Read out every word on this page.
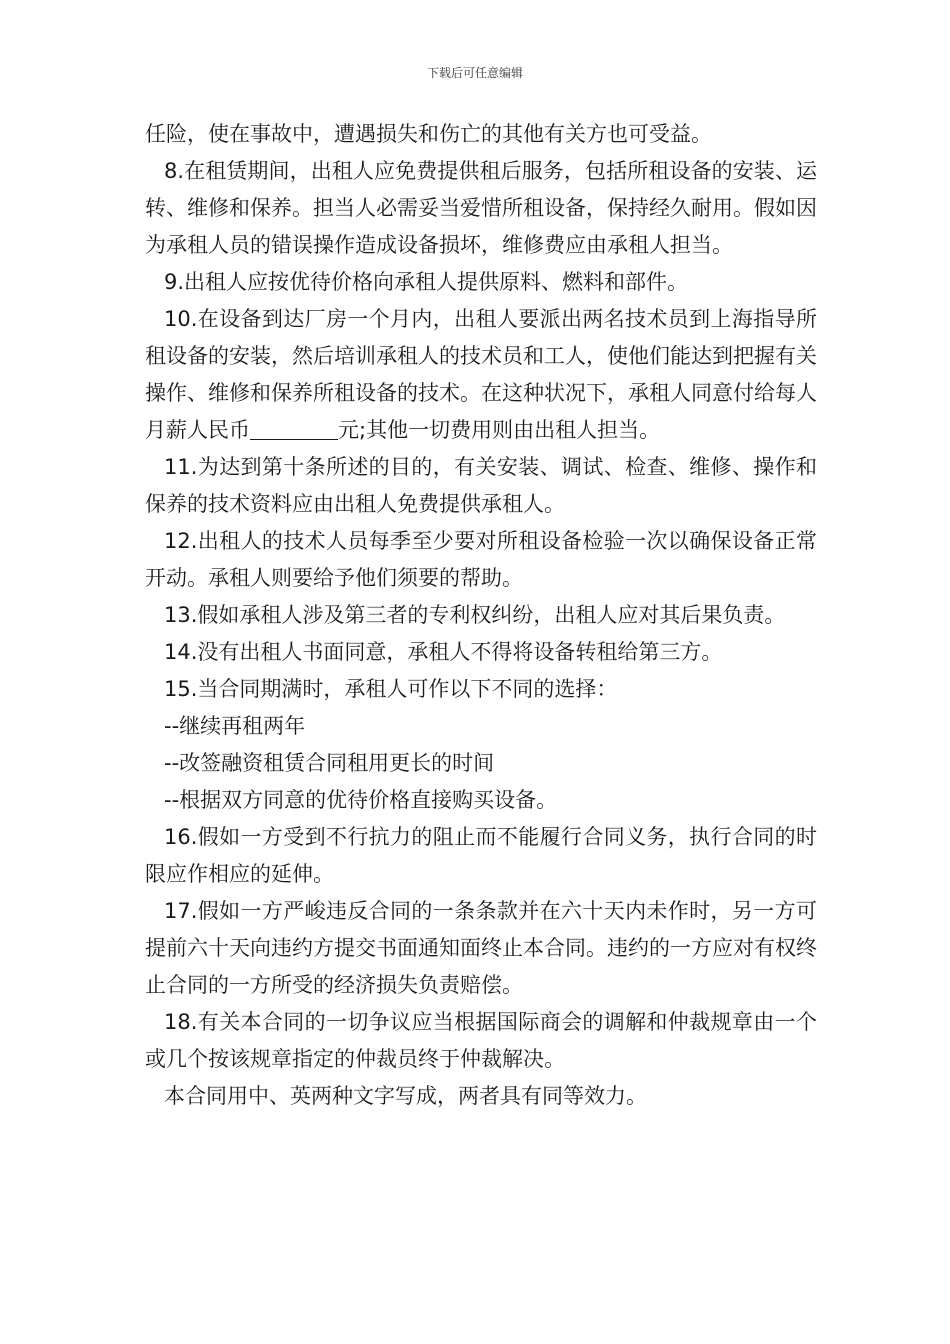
下载后可任意编辑

任险，使在事故中，遭遇损失和伤亡的其他有关方也可受益。

8.在租赁期间，出租人应免费提供租后服务，包括所租设备的安装、运转、维修和保养。担当人必需妥当爱惜所租设备，保持经久耐用。假如因为承租人员的错误操作造成设备损坏，维修费应由承租人担当。

9.出租人应按优待价格向承租人提供原料、燃料和部件。

10.在设备到达厂房一个月内，出租人要派出两名技术员到上海指导所租设备的安装，然后培训承租人的技术员和工人，使他们能达到把握有关操作、维修和保养所租设备的技术。在这种状况下，承租人同意付给每人月薪人民币	元;其他一切费用则由出租人担当。

11.为达到第十条所述的目的，有关安装、调试、检查、维修、操作和保养的技术资料应由出租人免费提供承租人。

12.出租人的技术人员每季至少要对所租设备检验一次以确保设备正常开动。承租人则要给予他们须要的帮助。

13.假如承租人涉及第三者的专利权纠纷，出租人应对其后果负责。

14.没有出租人书面同意，承租人不得将设备转租给第三方。

15.当合同期满时，承租人可作以下不同的选择：

--继续再租两年

--改签融资租赁合同租用更长的时间

--根据双方同意的优待价格直接购买设备。

16.假如一方受到不行抗力的阻止而不能履行合同义务，执行合同的时限应作相应的延伸。

17.假如一方严峻违反合同的一条条款并在六十天内未作时，另一方可提前六十天向违约方提交书面通知面终止本合同。违约的一方应对有权终止合同的一方所受的经济损失负责赔偿。

18.有关本合同的一切争议应当根据国际商会的调解和仲裁规章由一个或几个按该规章指定的仲裁员终于仲裁解决。

本合同用中、英两种文字写成，两者具有同等效力。
